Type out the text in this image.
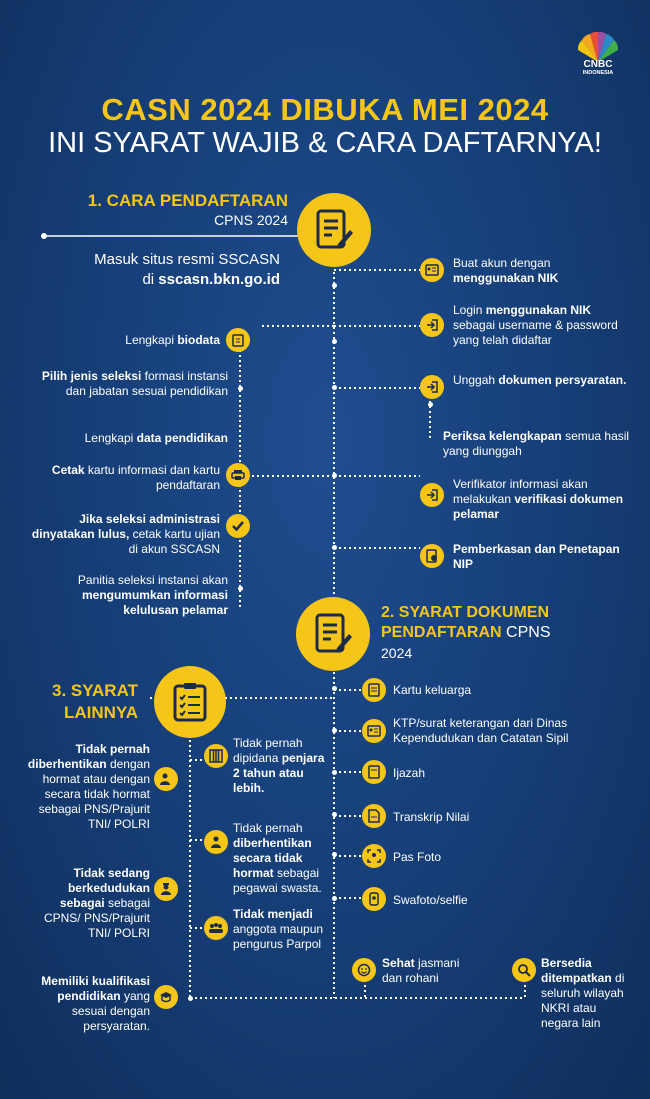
CNBC
INDONESIA
CASN 2024 DIBUKA MEI 2024
INI SYARAT WAJIB & CARA DAFTARNYA!
1. CARA PENDAFTARAN
CPNS 2024
Masuk situs resmi SSCASN
di sscasn.bkn.go.id
Buat akun dengan
menggunakan NIK
Login menggunakan NIK sebagai username & password yang telah didaftar
Unggah dokumen persyaratan.
Periksa kelengkapan semua hasil yang diunggah
Verifikator informasi akan melakukan verifikasi dokumen pelamar
Pemberkasan dan Penetapan NIP
Lengkapi biodata
Pilih jenis seleksi formasi instansi dan jabatan sesuai pendidikan
Lengkapi data pendidikan
Cetak kartu informasi dan kartu pendaftaran
Jika seleksi administrasi dinyatakan lulus, cetak kartu ujian di akun SSCASN
Panitia seleksi instansi akan mengumumkan informasi kelulusan pelamar	2. SYARAT DOKUMEN
PENDAFTARAN CPNS
2024
Kartu keluarga
KTP/surat keterangan dari Dinas Kependudukan dan Catatan Sipil
Ijazah
Transkrip Nilai
Pas Foto
Swafoto/selfie
3. SYARAT
LAINNYA
Tidak pernah diberhentikan dengan hormat atau dengan secara tidak hormat sebagai PNS/Prajurit TNI/ POLRI
Tidak sedang berkedudukan sebagai sebagai CPNS/ PNS/Prajurit TNI/ POLRI
Memiliki kualifikasi pendidikan yang sesuai dengan persyaratan.
Tidak pernah dipidana penjara 2 tahun atau lebih.
Tidak pernah diberhentikan secara tidak hormat sebagai pegawai swasta.
Tidak menjadi anggota maupun pengurus Parpol
Sehat jasmani dan rohani
Bersedia ditempatkan di seluruh wilayah NKRI atau negara lain
